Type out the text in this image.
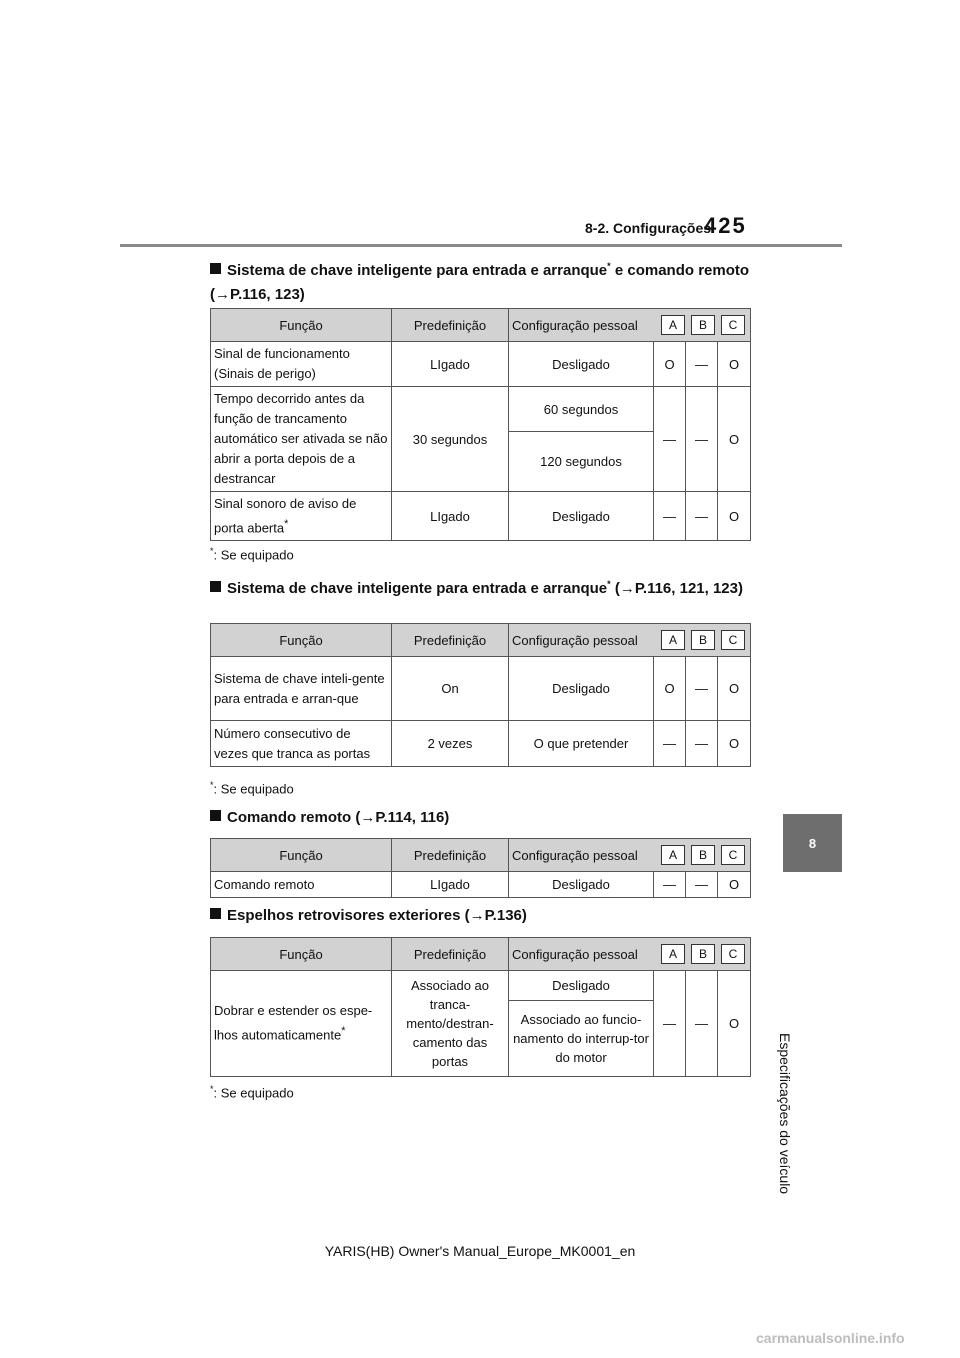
8-2. Configurações
425
8
Especificações do veículo
Sistema de chave inteligente para entrada e arranque* e comando remoto (→P.116, 123)
Função	Predefinição	Configuração pessoal A B C			

Sinal de funcionamento (Sinais de perigo)	LIgado	Desligado	O	—	O
Tempo decorrido antes da função de trancamento automático ser ativada se não abrir a porta depois de a destrancar	30 segundos	60 segundos	—	—	O
		120 segundos			
Sinal sonoro de aviso de porta aberta*	LIgado	Desligado	—	—	O
*: Se equipado
Sistema de chave inteligente para entrada e arranque* (→P.116, 121, 123)
Função	Predefinição	Configuração pessoal A B C			

Sistema de chave inteli-gente para entrada e arran-que	On	Desligado	O	—	O
Número consecutivo de vezes que tranca as portas	2 vezes	O que pretender	—	—	O
*: Se equipado
Comando remoto (→P.114, 116)
Função	Predefinição	Configuração pessoal A B C			

Comando remoto	LIgado	Desligado	—	—	O
Espelhos retrovisores exteriores (→P.136)
Função	Predefinição	Configuração pessoal A B C			

Dobrar e estender os espe-lhos automaticamente*	Associado ao tranca-mento/destran-camento das portas	Desligado	—	—	O
		Associado ao funcio-namento do interrup-tor do motor			
*: Se equipado
YARIS(HB) Owner's Manual_Europe_MK0001_en
carmanualsonline.info
